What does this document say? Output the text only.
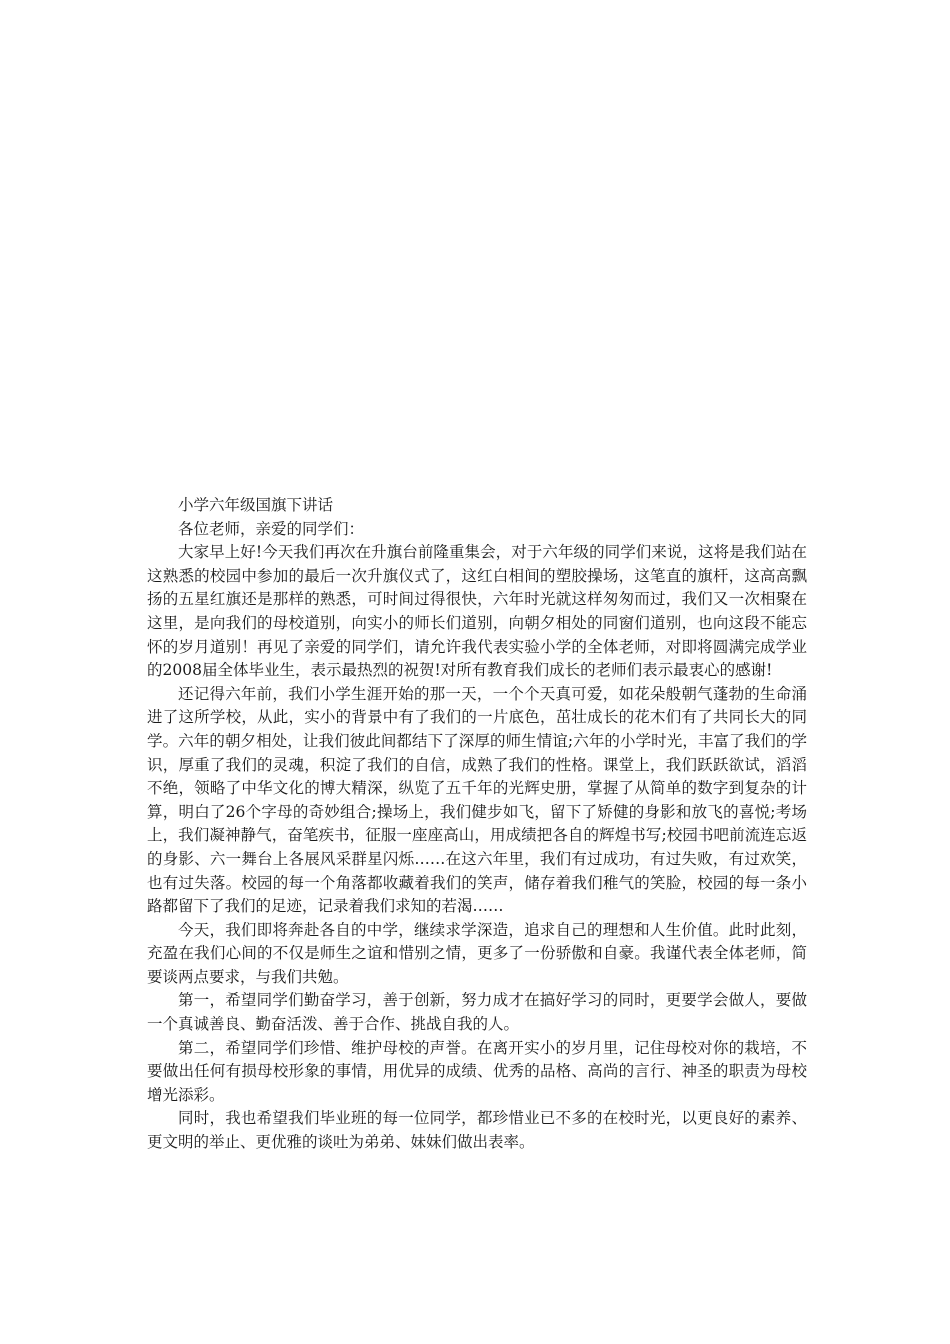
小学六年级国旗下讲话

各位老师，亲爱的同学们：

大家早上好!今天我们再次在升旗台前隆重集会，对于六年级的同学们来说，这将是我们站在这熟悉的校园中参加的最后一次升旗仪式了，这红白相间的塑胶操场，这笔直的旗杆，这高高飘扬的五星红旗还是那样的熟悉，可时间过得很快，六年时光就这样匆匆而过，我们又一次相聚在这里，是向我们的母校道别，向实小的师长们道别，向朝夕相处的同窗们道别，也向这段不能忘怀的岁月道别！再见了亲爱的同学们，请允许我代表实验小学的全体老师，对即将圆满完成学业的2008届全体毕业生，表示最热烈的祝贺!对所有教育我们成长的老师们表示最衷心的感谢!

还记得六年前，我们小学生涯开始的那一天，一个个天真可爱，如花朵般朝气蓬勃的生命涌进了这所学校，从此，实小的背景中有了我们的一片底色，茁壮成长的花木们有了共同长大的同学。六年的朝夕相处，让我们彼此间都结下了深厚的师生情谊;六年的小学时光，丰富了我们的学识，厚重了我们的灵魂，积淀了我们的自信，成熟了我们的性格。课堂上，我们跃跃欲试，滔滔不绝，领略了中华文化的博大精深，纵览了五千年的光辉史册，掌握了从简单的数字到复杂的计算，明白了26个字母的奇妙组合;操场上，我们健步如飞，留下了矫健的身影和放飞的喜悦;考场上，我们凝神静气，奋笔疾书，征服一座座高山，用成绩把各自的辉煌书写;校园书吧前流连忘返的身影、六一舞台上各展风采群星闪烁……在这六年里，我们有过成功，有过失败，有过欢笑，也有过失落。校园的每一个角落都收藏着我们的笑声，储存着我们稚气的笑脸，校园的每一条小路都留下了我们的足迹，记录着我们求知的若渴……

今天，我们即将奔赴各自的中学，继续求学深造，追求自己的理想和人生价值。此时此刻，充盈在我们心间的不仅是师生之谊和惜别之情，更多了一份骄傲和自豪。我谨代表全体老师，简要谈两点要求，与我们共勉。

第一，希望同学们勤奋学习，善于创新，努力成才在搞好学习的同时，更要学会做人，要做一个真诚善良、勤奋活泼、善于合作、挑战自我的人。

第二，希望同学们珍惜、维护母校的声誉。在离开实小的岁月里，记住母校对你的栽培，不要做出任何有损母校形象的事情，用优异的成绩、优秀的品格、高尚的言行、神圣的职责为母校增光添彩。

同时，我也希望我们毕业班的每一位同学，都珍惜业已不多的在校时光，以更良好的素养、更文明的举止、更优雅的谈吐为弟弟、妹妹们做出表率。
